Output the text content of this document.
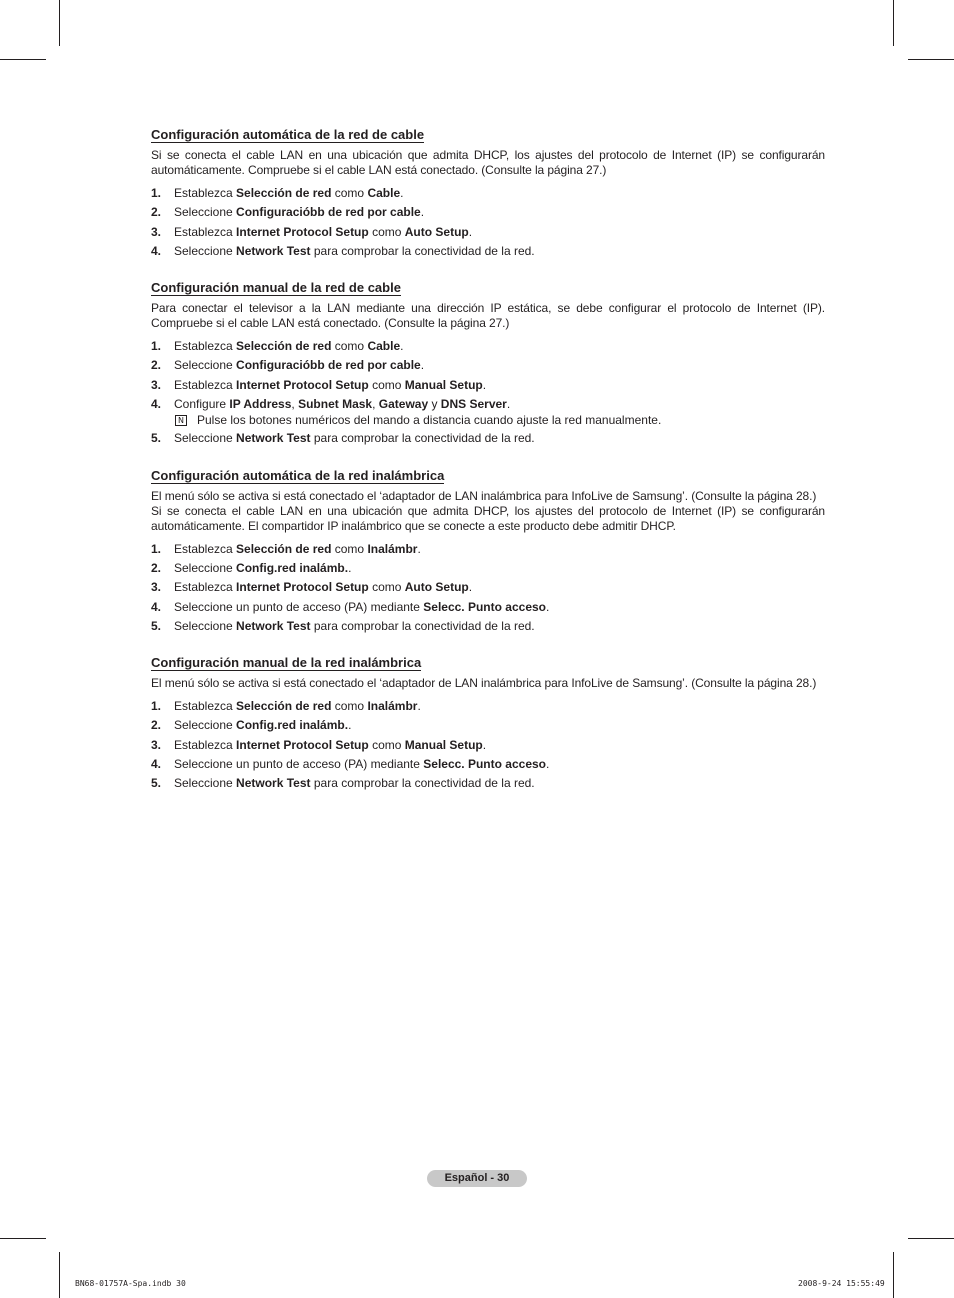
Configuración automática de la red de cable

Si se conecta el cable LAN en una ubicación que admita DHCP, los ajustes del protocolo de Internet (IP) se configurarán automáticamente. Compruebe si el cable LAN está conectado. (Consulte la página 27.)

1. Establezca Selección de red como Cable.
2. Seleccione Configuracióbb de red por cable.
3. Establezca Internet Protocol Setup como Auto Setup.
4. Seleccione Network Test para comprobar la conectividad de la red.
Configuración manual de la red de cable

Para conectar el televisor a la LAN mediante una dirección IP estática, se debe configurar el protocolo de Internet (IP). Compruebe si el cable LAN está conectado. (Consulte la página 27.)

1. Establezca Selección de red como Cable.
2. Seleccione Configuracióbb de red por cable.
3. Establezca Internet Protocol Setup como Manual Setup.
4. Configure IP Address, Subnet Mask, Gateway y DNS Server.
N Pulse los botones numéricos del mando a distancia cuando ajuste la red manualmente.
5. Seleccione Network Test para comprobar la conectividad de la red.
Configuración automática de la red inalámbrica

El menú sólo se activa si está conectado el ‘adaptador de LAN inalámbrica para InfoLive de Samsung’. (Consulte la página 28.)

Si se conecta el cable LAN en una ubicación que admita DHCP, los ajustes del protocolo de Internet (IP) se configurarán automáticamente. El compartidor IP inalámbrico que se conecte a este producto debe admitir DHCP.

1. Establezca Selección de red como Inalámbr.
2. Seleccione Config.red inalámb..
3. Establezca Internet Protocol Setup como Auto Setup.
4. Seleccione un punto de acceso (PA) mediante Selecc. Punto acceso.
5. Seleccione Network Test para comprobar la conectividad de la red.
Configuración manual de la red inalámbrica

El menú sólo se activa si está conectado el ‘adaptador de LAN inalámbrica para InfoLive de Samsung’. (Consulte la página 28.)

1. Establezca Selección de red como Inalámbr.
2. Seleccione Config.red inalámb..
3. Establezca Internet Protocol Setup como Manual Setup.
4. Seleccione un punto de acceso (PA) mediante Selecc. Punto acceso.
5. Seleccione Network Test para comprobar la conectividad de la red.
Español - 30
BN68-01757A-Spa.indb 30	2008-9-24 15:55:49
